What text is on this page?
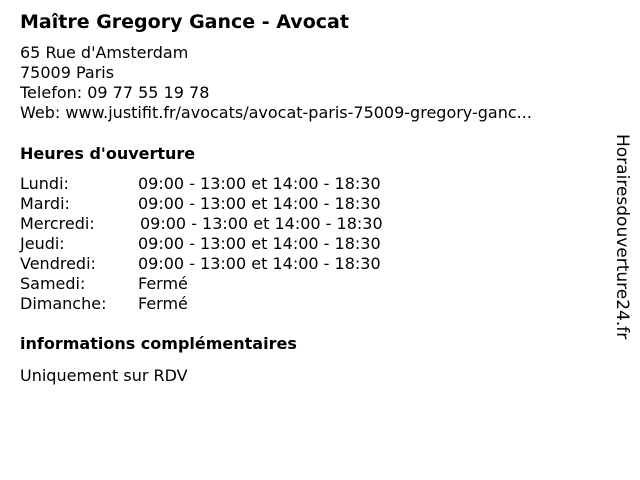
Maître Gregory Gance - Avocat
65 Rue d'Amsterdam
75009 Paris
Telefon: 09 77 55 19 78
Web: www.justifit.fr/avocats/avocat-paris-75009-gregory-ganc...
Heures d'ouverture
Lundi:	09:00 - 13:00 et 14:00 - 18:30
Mardi:	09:00 - 13:00 et 14:00 - 18:30
Mercredi:	09:00 - 13:00 et 14:00 - 18:30
Jeudi:	09:00 - 13:00 et 14:00 - 18:30
Vendredi:	09:00 - 13:00 et 14:00 - 18:30
Samedi:	Fermé
Dimanche: Fermé
informations complémentaires
Uniquement sur RDV
Horairesdouverture24.fr
